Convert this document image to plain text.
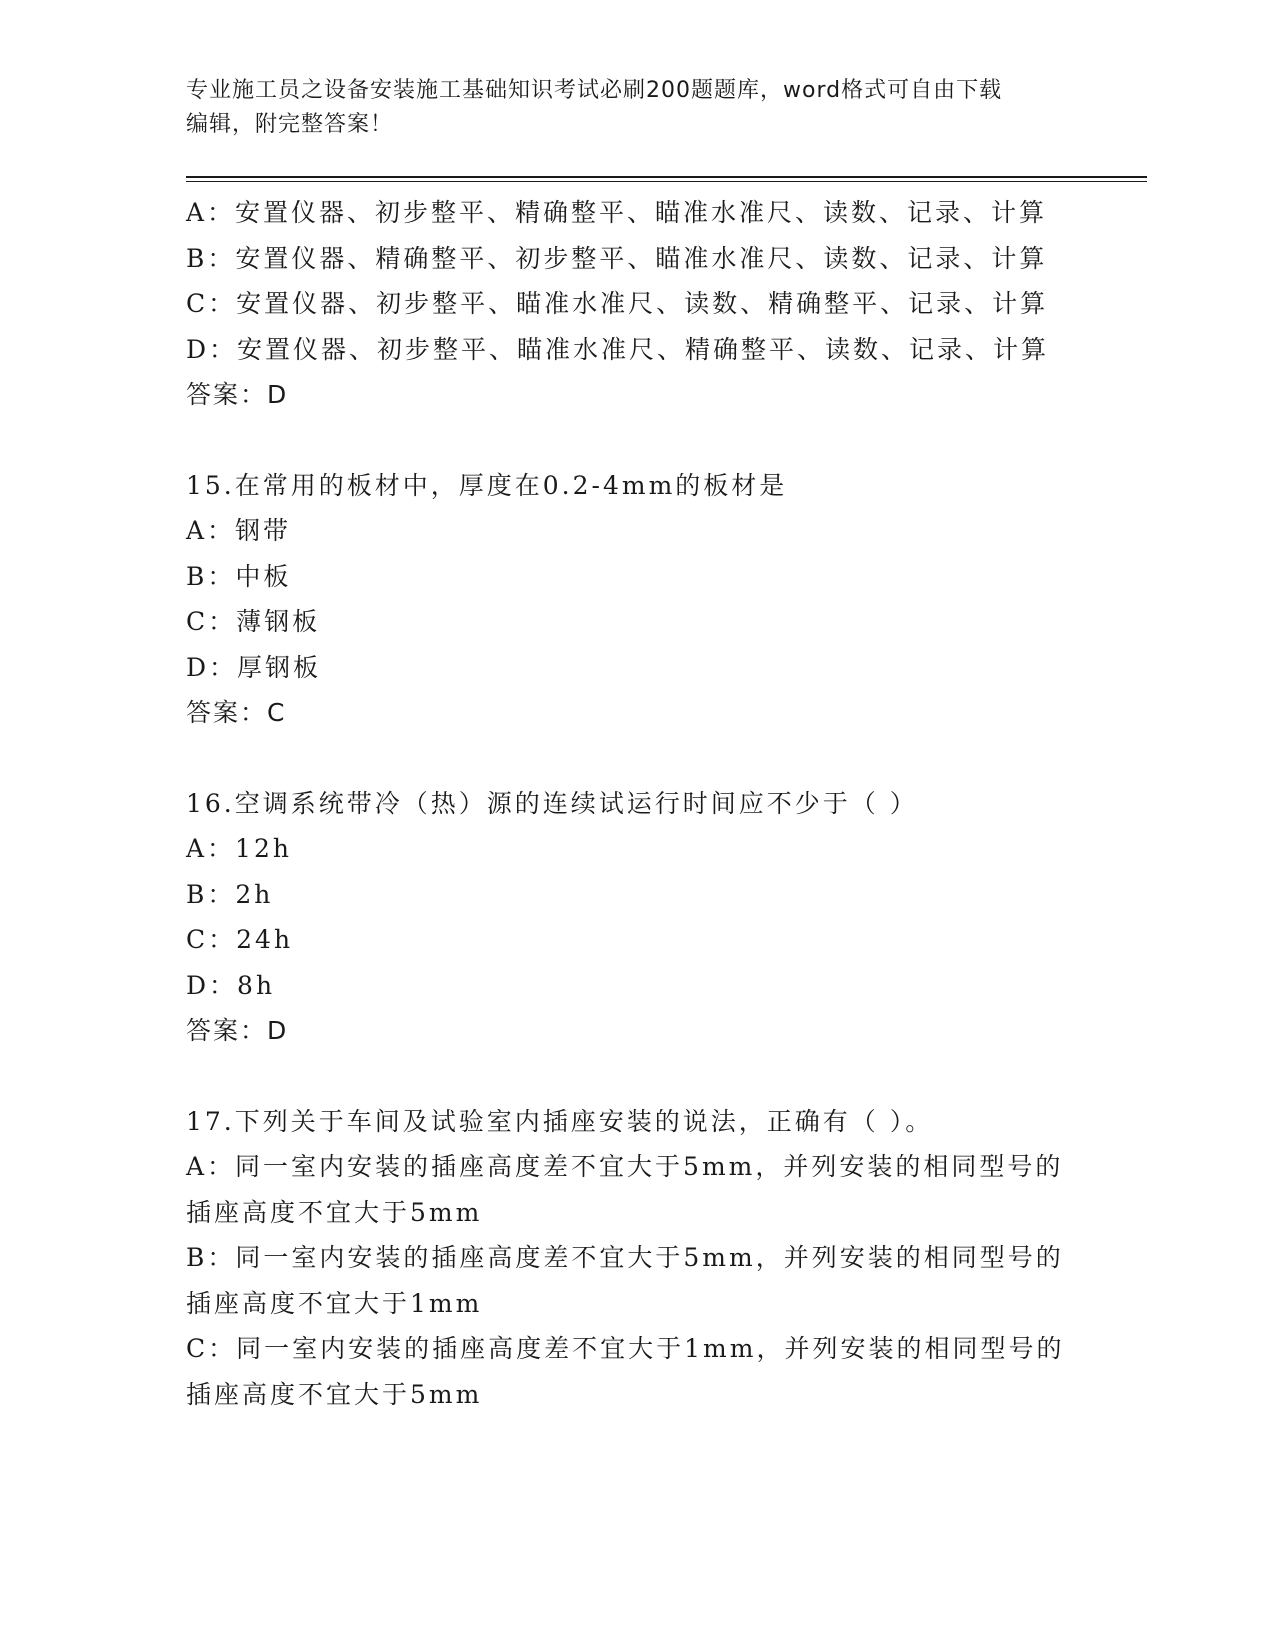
专业施工员之设备安装施工基础知识考试必刷200题题库，word格式可自由下载
编辑，附完整答案！
A：安置仪器、初步整平、精确整平、瞄准水准尺、读数、记录、计算
B：安置仪器、精确整平、初步整平、瞄准水准尺、读数、记录、计算
C：安置仪器、初步整平、瞄准水准尺、读数、精确整平、记录、计算
D：安置仪器、初步整平、瞄准水准尺、精确整平、读数、记录、计算
答案：D
15.在常用的板材中，厚度在0.2-4mm的板材是
A：钢带
B：中板
C：薄钢板
D：厚钢板
答案：C
16.空调系统带冷（热）源的连续试运行时间应不少于（ ）
A：12h
B：2h
C：24h
D：8h
答案：D
17.下列关于车间及试验室内插座安装的说法，正确有（ ）。
A：同一室内安装的插座高度差不宜大于5mm，并列安装的相同型号的
插座高度不宜大于5mm
B：同一室内安装的插座高度差不宜大于5mm，并列安装的相同型号的
插座高度不宜大于1mm
C：同一室内安装的插座高度差不宜大于1mm，并列安装的相同型号的
插座高度不宜大于5mm
